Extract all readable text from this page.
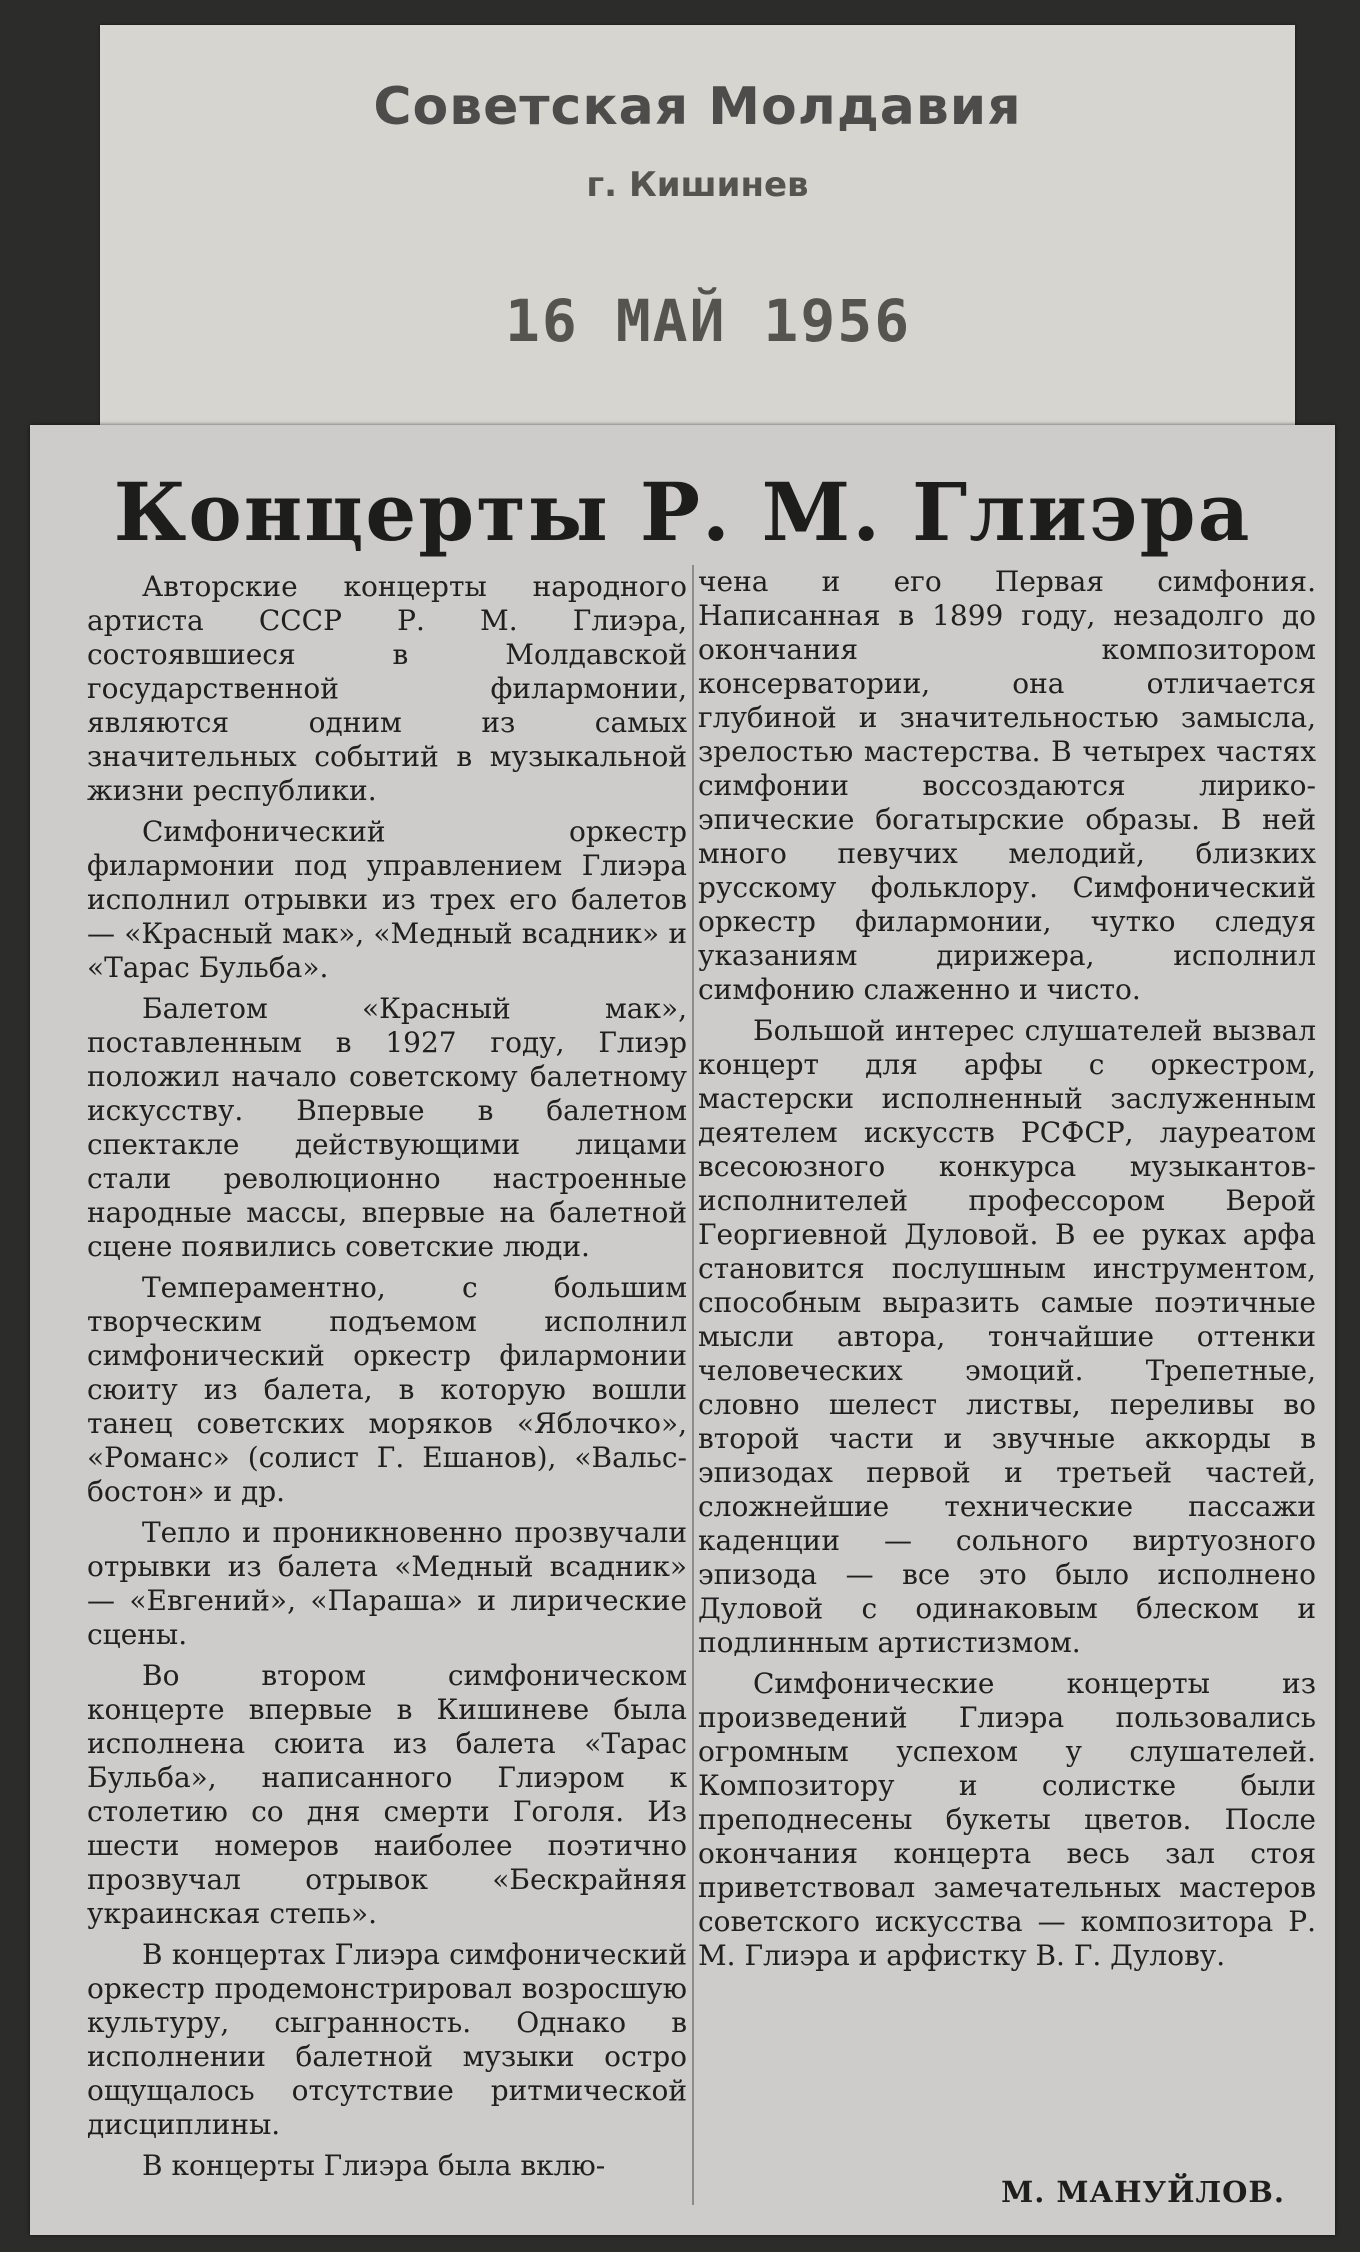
Советская Молдавия
г. Кишинев
16 МАЙ 1956
Концерты Р. М. Глиэра

Авторские концерты народного артиста СССР Р. М. Глиэра, состоявшиеся в Молдавской государственной филармонии, являются одним из самых значительных событий в музыкальной жизни республики.

Симфонический оркестр филармонии под управлением Глиэра исполнил отрывки из трех его балетов — «Красный мак», «Медный всадник» и «Тарас Бульба».

Балетом «Красный мак», поставленным в 1927 году, Глиэр положил начало советскому балетному искусству. Впервые в балетном спектакле действующими лицами стали революционно настроенные народные массы, впервые на балетной сцене появились советские люди.

Темпераментно, с большим творческим подъемом исполнил симфонический оркестр филармонии сюиту из балета, в которую вошли танец советских моряков «Яблочко», «Романс» (солист Г. Ешанов), «Вальс-бостон» и др.

Тепло и проникновенно прозвучали отрывки из балета «Медный всадник» — «Евгений», «Параша» и лирические сцены.

Во втором симфоническом концерте впервые в Кишиневе была исполнена сюита из балета «Тарас Бульба», написанного Глиэром к столетию со дня смерти Гоголя. Из шести номеров наиболее поэтично прозвучал отрывок «Бескрайняя украинская степь».

В концертах Глиэра симфонический оркестр продемонстрировал возросшую культуру, сыгранность. Однако в исполнении балетной музыки остро ощущалось отсутствие ритмической дисциплины.

В концерты Глиэра была вклю-

чена и его Первая симфония. Написанная в 1899 году, незадолго до окончания композитором консерватории, она отличается глубиной и значительностью замысла, зрелостью мастерства. В четырех частях симфонии воссоздаются лирико-эпические богатырские образы. В ней много певучих мелодий, близких русскому фольклору. Симфонический оркестр филармонии, чутко следуя указаниям дирижера, исполнил симфонию слаженно и чисто.

Большой интерес слушателей вызвал концерт для арфы с оркестром, мастерски исполненный заслуженным деятелем искусств РСФСР, лауреатом всесоюзного конкурса музыкантов-исполнителей профессором Верой Георгиевной Дуловой. В ее руках арфа становится послушным инструментом, способным выразить самые поэтичные мысли автора, тончайшие оттенки человеческих эмоций. Трепетные, словно шелест листвы, переливы во второй части и звучные аккорды в эпизодах первой и третьей частей, сложнейшие технические пассажи каденции — сольного виртуозного эпизода — все это было исполнено Дуловой с одинаковым блеском и подлинным артистизмом.

Симфонические концерты из произведений Глиэра пользовались огромным успехом у слушателей. Композитору и солистке были преподнесены букеты цветов. После окончания концерта весь зал стоя приветствовал замечательных мастеров советского искусства — композитора Р. М. Глиэра и арфистку В. Г. Дулову.

М. МАНУЙЛОВ.
